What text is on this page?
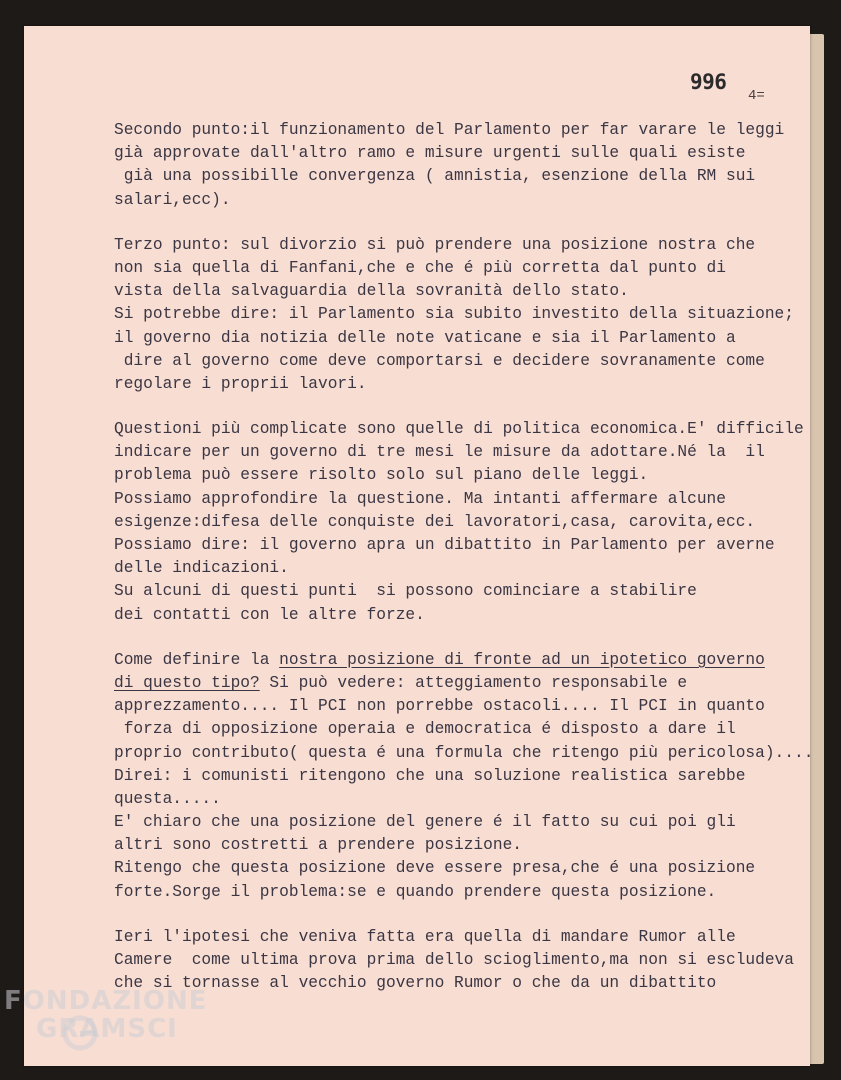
996
4=
Secondo punto:il funzionamento del Parlamento per far varare le leggi
già approvate dall'altro ramo e misure urgenti sulle quali esiste
già una possibille convergenza ( amnistia, esenzione della RM sui
salari,ecc).
Terzo punto: sul divorzio si può prendere una posizione nostra che
non sia quella di Fanfani,che e che é più corretta dal punto di
vista della salvaguardia della sovranità dello stato.
Si potrebbe dire: il Parlamento sia subito investito della situazione;
il governo dia notizia delle note vaticane e sia il Parlamento a
dire al governo come deve comportarsi e decidere sovranamente come
regolare i proprii lavori.
Questioni più complicate sono quelle di politica economica.E' difficile
indicare per un governo di tre mesi le misure da adottare.Né la  il
problema può essere risolto solo sul piano delle leggi.
Possiamo approfondire la questione. Ma intanti affermare alcune
esigenze:difesa delle conquiste dei lavoratori,casa, carovita,ecc.
Possiamo dire: il governo apra un dibattito in Parlamento per averne
delle indicazioni.
Su alcuni di questi punti  si possono cominciare a stabilire
dei contatti con le altre forze.
Come definire la nostra posizione di fronte ad un ipotetico governo
di questo tipo? Si può vedere: atteggiamento responsabile e
apprezzamento.... Il PCI non porrebbe ostacoli.... Il PCI in quanto
forza di opposizione operaia e democratica é disposto a dare il
proprio contributo( questa é una formula che ritengo più pericolosa)....
Direi: i comunisti ritengono che una soluzione realistica sarebbe
questa.....
E' chiaro che una posizione del genere é il fatto su cui poi gli
altri sono costretti a prendere posizione.
Ritengo che questa posizione deve essere presa,che é una posizione
forte.Sorge il problema:se e quando prendere questa posizione.
Ieri l'ipotesi che veniva fatta era quella di mandare Rumor alle
Camere  come ultima prova prima dello scioglimento,ma non si escludeva
che si tornasse al vecchio governo Rumor o che da un dibattito
FONDAZIONE
GRAMSCI
